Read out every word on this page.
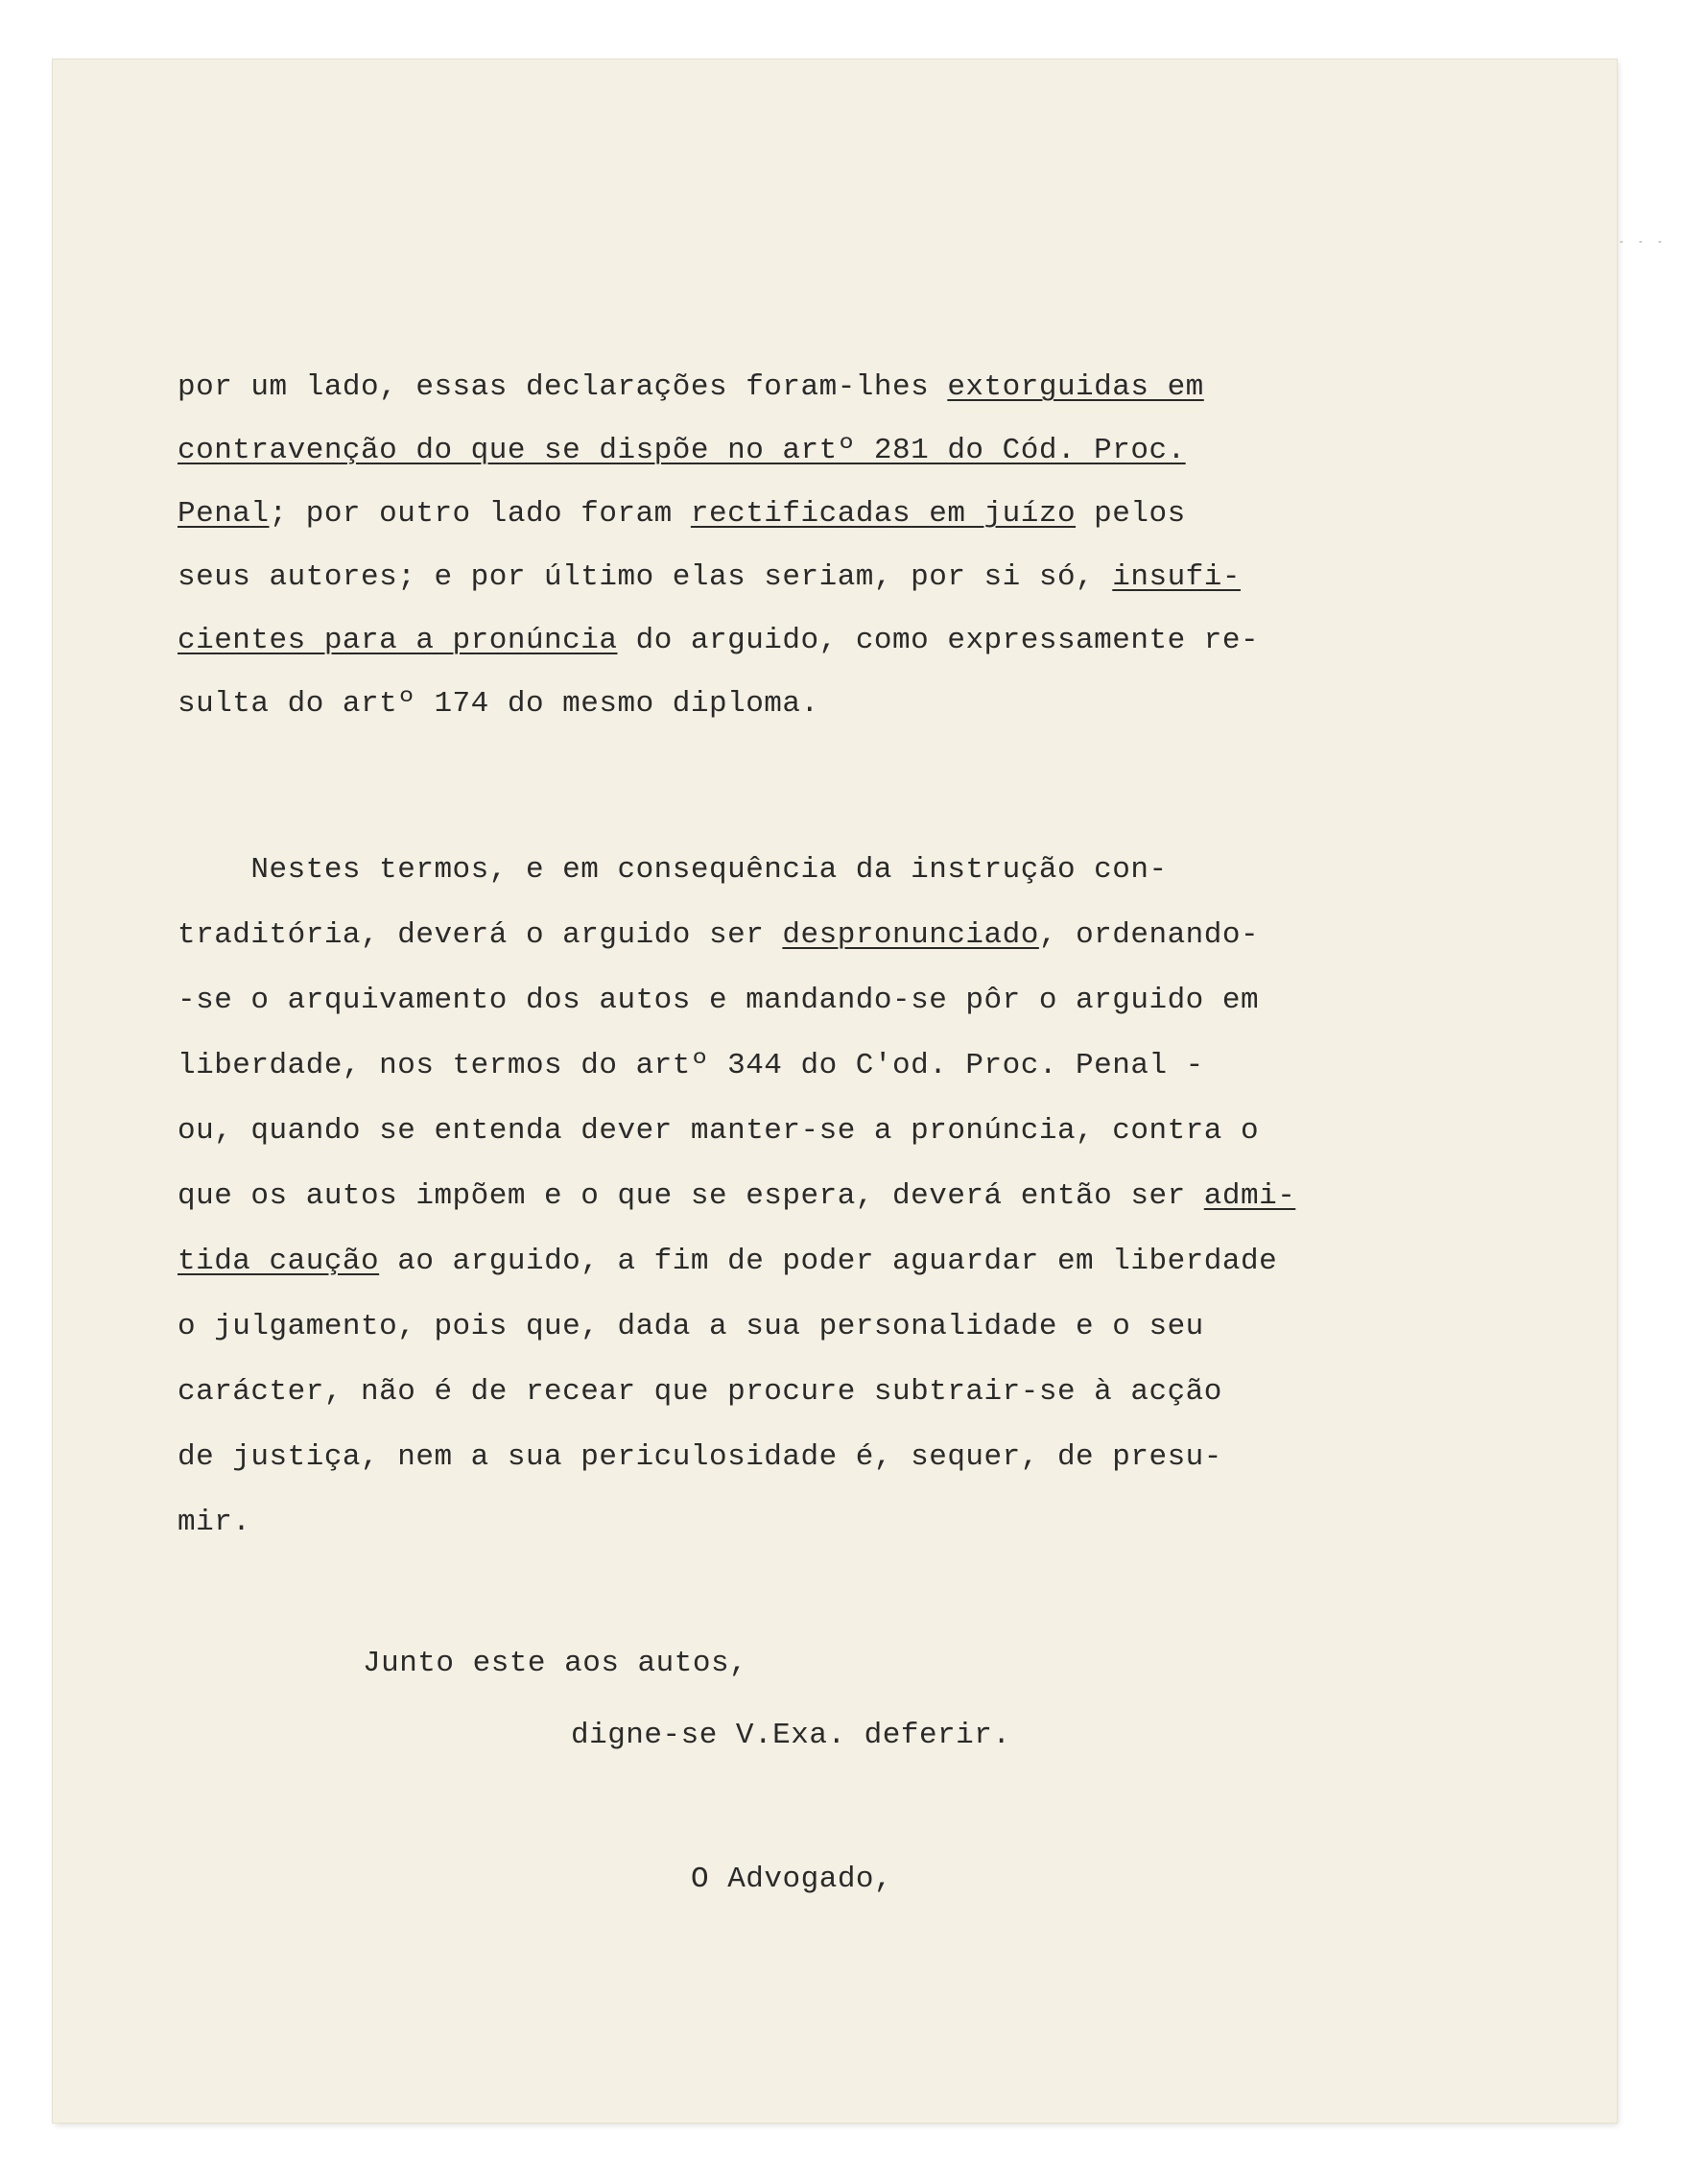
· · ·
por um lado, essas declarações foram-lhes extorguidas em
contravenção do que se dispõe no artº 281 do Cód. Proc.
Penal; por outro lado foram rectificadas em juízo pelos
seus autores; e por último elas seriam, por si só, insufi-
cientes para a pronúncia do arguido, como expressamente re-
sulta do artº 174 do mesmo diploma.
Nestes termos, e em consequência da instrução con-
traditória, deverá o arguido ser despronunciado, ordenando-
-se o arquivamento dos autos e mandando-se pôr o arguido em
liberdade, nos termos do artº 344 do C'od. Proc. Penal -
ou, quando se entenda dever manter-se a pronúncia, contra o
que os autos impõem e o que se espera, deverá então ser admi-
tida caução ao arguido, a fim de poder aguardar em liberdade
o julgamento, pois que, dada a sua personalidade e o seu
carácter, não é de recear que procure subtrair-se à acção
de justiça, nem a sua periculosidade é, sequer, de presu-
mir.
Junto este aos autos,
digne-se V.Exa. deferir.
O Advogado,
